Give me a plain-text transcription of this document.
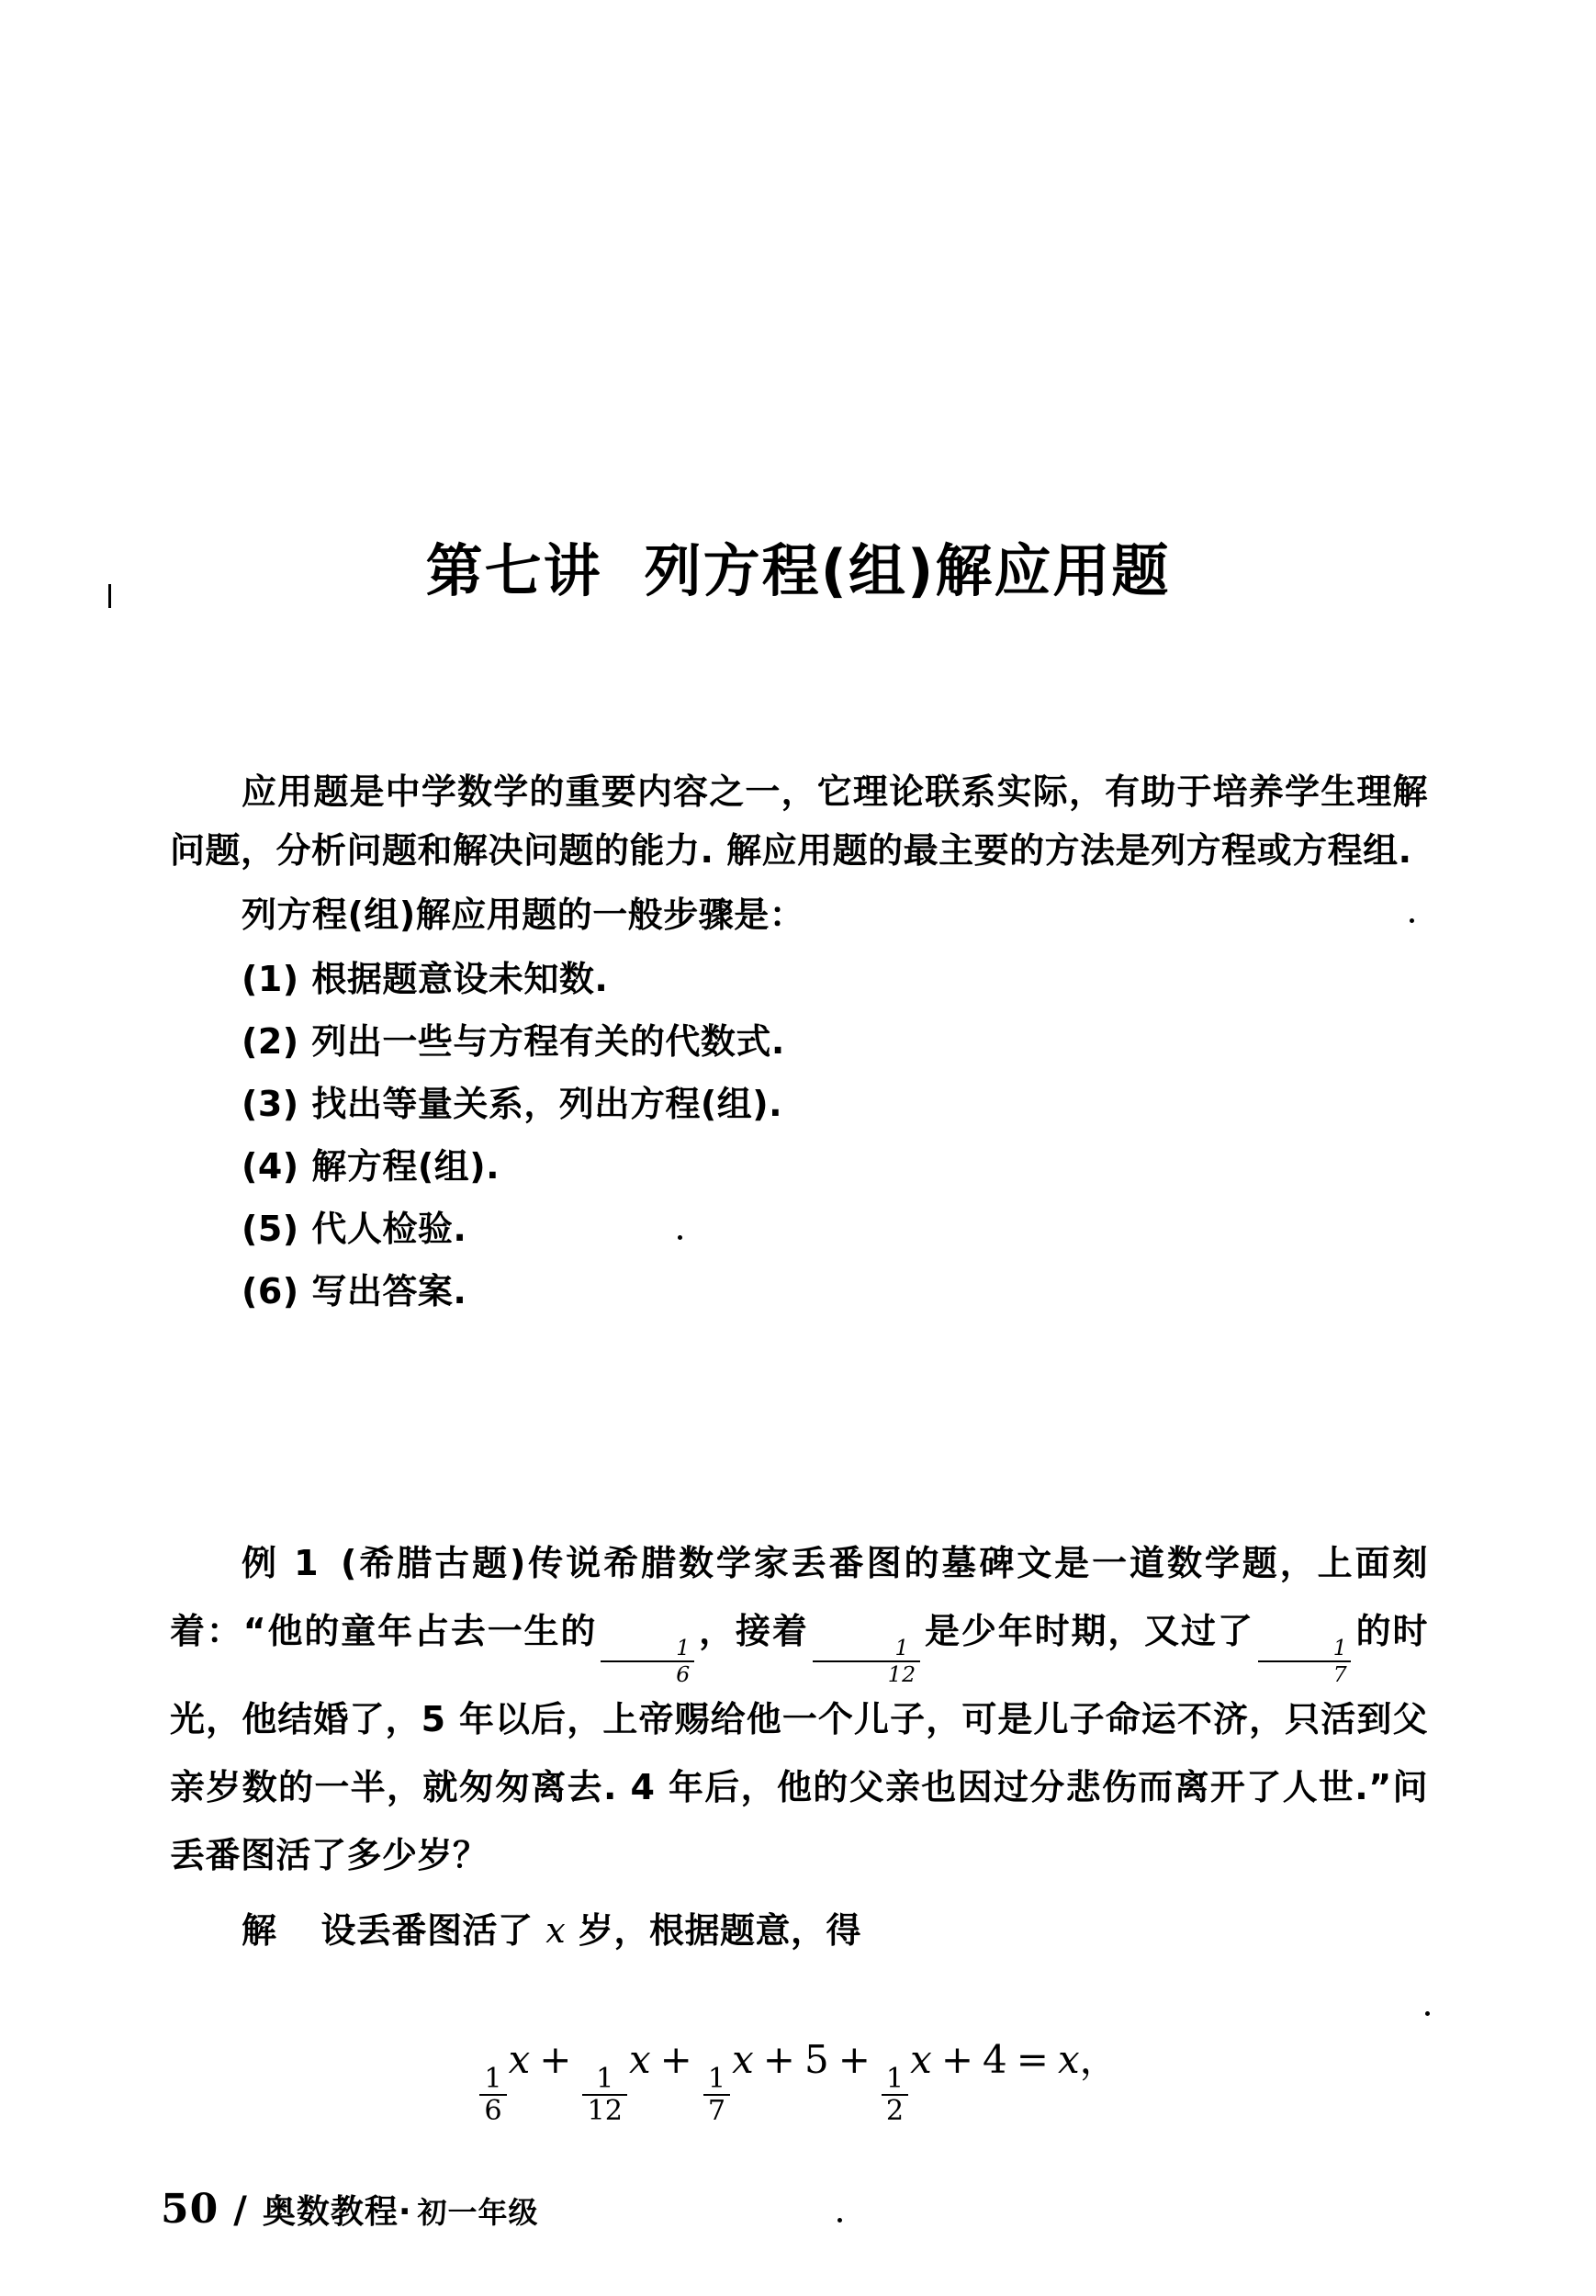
第七讲 列方程(组)解应用题

应用题是中学数学的重要内容之一，它理论联系实际，有助于培养学生理解问题，分析问题和解决问题的能力. 解应用题的最主要的方法是列方程或方程组.

列方程(组)解应用题的一般步骤是：

(1) 根据题意设未知数.

(2) 列出一些与方程有关的代数式.

(3) 找出等量关系，列出方程(组).

(4) 解方程(组).

(5) 代人检验.

(6) 写出答案.

例 1 (希腊古题)传说希腊数学家丢番图的墓碑文是一道数学题，上面刻着：“他的童年占去一生的
$\frac{1}{6}$
，接着
$\frac{1}{12}$
是少年时期，又过了
$\frac{1}{7}$
的时光，他结婚了，5 年以后，上帝赐给他一个儿子，可是儿子命运不济，只活到父亲岁数的一半，就匆匆离去. 4 年后，他的父亲也因过分悲伤而离开了人世.”问丢番图活了多少岁？

解 设丢番图活了 x 岁，根据题意，得

$\frac{1}{6}$
x +
$\frac{1}{12}$
x +
$\frac{1}{7}$
x + 5 +
$\frac{1}{2}$
x + 4 = x，
50 / 奥数教程· 初一年级
